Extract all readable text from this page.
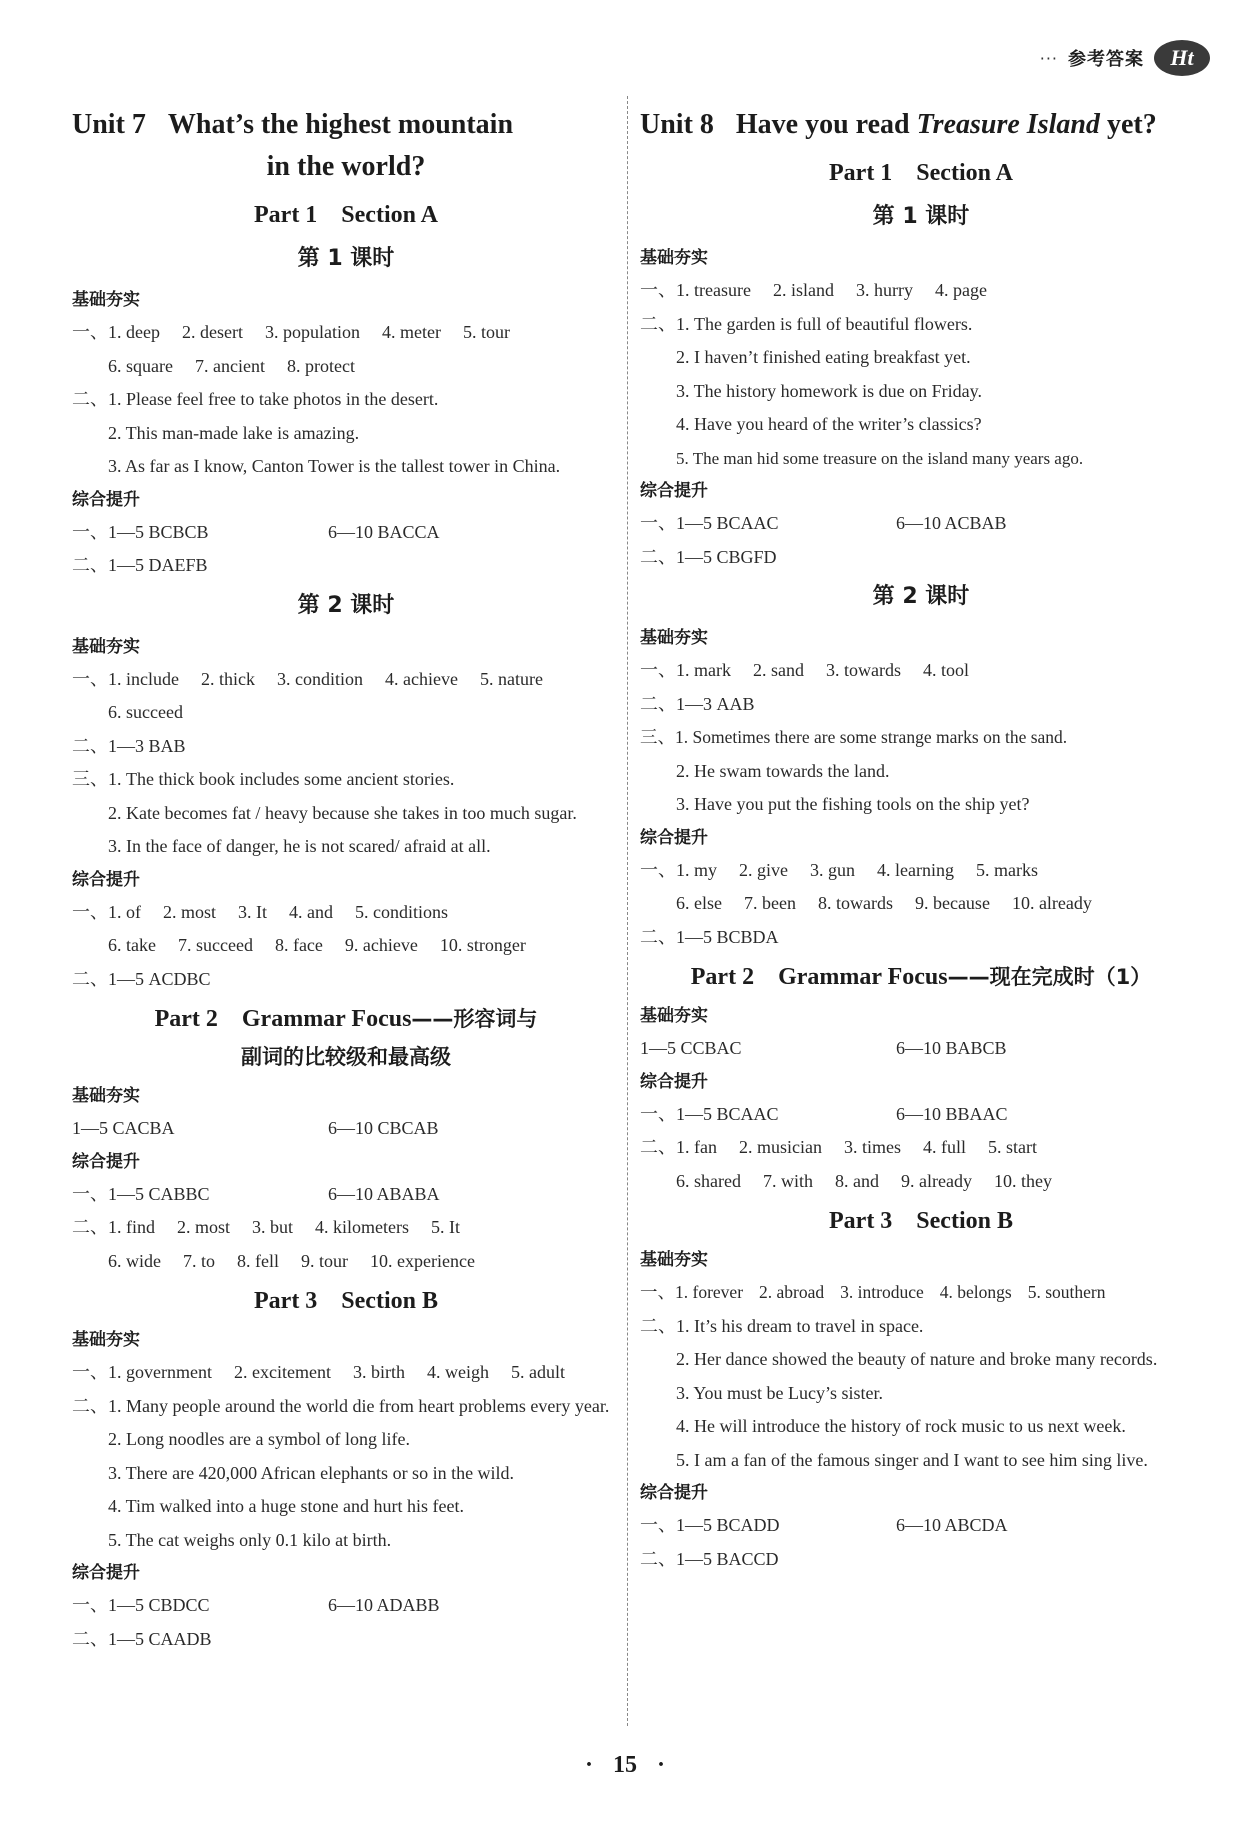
··· 参考答案	Ht
Unit 7 What’s the highest mountain
in the world?
Part 1　Section A
第 1 课时
基础夯实
一、1. deep 2. desert 3. population 4. meter 5. tour
6. square 7. ancient 8. protect
二、1. Please feel free to take photos in the desert.
2. This man-made lake is amazing.
3. As far as I know, Canton Tower is the tallest tower in China.
综合提升
一、1—5 BCBCB	6—10 BACCA
二、1—5 DAEFB
第 2 课时
基础夯实
一、1. include 2. thick 3. condition 4. achieve 5. nature
6. succeed
二、1—3 BAB
三、1. The thick book includes some ancient stories.
2. Kate becomes fat / heavy because she takes in too much sugar.
3. In the face of danger, he is not scared/ afraid at all.
综合提升
一、1. of 2. most 3. It 4. and 5. conditions
6. take 7. succeed 8. face 9. achieve 10. stronger
二、1—5 ACDBC
Part 2　Grammar Focus——形容词与
副词的比较级和最高级
基础夯实
1—5 CACBA	6—10 CBCAB
综合提升
一、1—5 CABBC	6—10 ABABA
二、1. find 2. most 3. but 4. kilometers 5. It
6. wide 7. to 8. fell 9. tour 10. experience
Part 3　Section B
基础夯实
一、1. government 2. excitement 3. birth 4. weigh 5. adult
二、1. Many people around the world die from heart problems every year.
2. Long noodles are a symbol of long life.
3. There are 420,000 African elephants or so in the wild.
4. Tim walked into a huge stone and hurt his feet.
5. The cat weighs only 0.1 kilo at birth.
综合提升
一、1—5 CBDCC	6—10 ADABB
二、1—5 CAADB
Unit 8 Have you read Treasure Island yet?
Part 1　Section A
第 1 课时
基础夯实
一、1. treasure 2. island 3. hurry 4. page
二、1. The garden is full of beautiful flowers.
2. I haven’t finished eating breakfast yet.
3. The history homework is due on Friday.
4. Have you heard of the writer’s classics?
5. The man hid some treasure on the island many years ago.
综合提升
一、1—5 BCAAC	6—10 ACBAB
二、1—5 CBGFD
第 2 课时
基础夯实
一、1. mark 2. sand 3. towards 4. tool
二、1—3 AAB
三、1. Sometimes there are some strange marks on the sand.
2. He swam towards the land.
3. Have you put the fishing tools on the ship yet?
综合提升
一、1. my 2. give 3. gun 4. learning 5. marks
6. else 7. been 8. towards 9. because 10. already
二、1—5 BCBDA
Part 2　Grammar Focus——现在完成时（1）
基础夯实
1—5 CCBAC	6—10 BABCB
综合提升
一、1—5 BCAAC	6—10 BBAAC
二、1. fan 2. musician 3. times 4. full 5. start
6. shared 7. with 8. and 9. already 10. they
Part 3　Section B
基础夯实
一、1. forever 2. abroad 3. introduce 4. belongs 5. southern
二、1. It’s his dream to travel in space.
2. Her dance showed the beauty of nature and broke many records.
3. You must be Lucy’s sister.
4. He will introduce the history of rock music to us next week.
5. I am a fan of the famous singer and I want to see him sing live.
综合提升
一、1—5 BCADD	6—10 ABCDA
二、1—5 BACCD
· 15 ·
